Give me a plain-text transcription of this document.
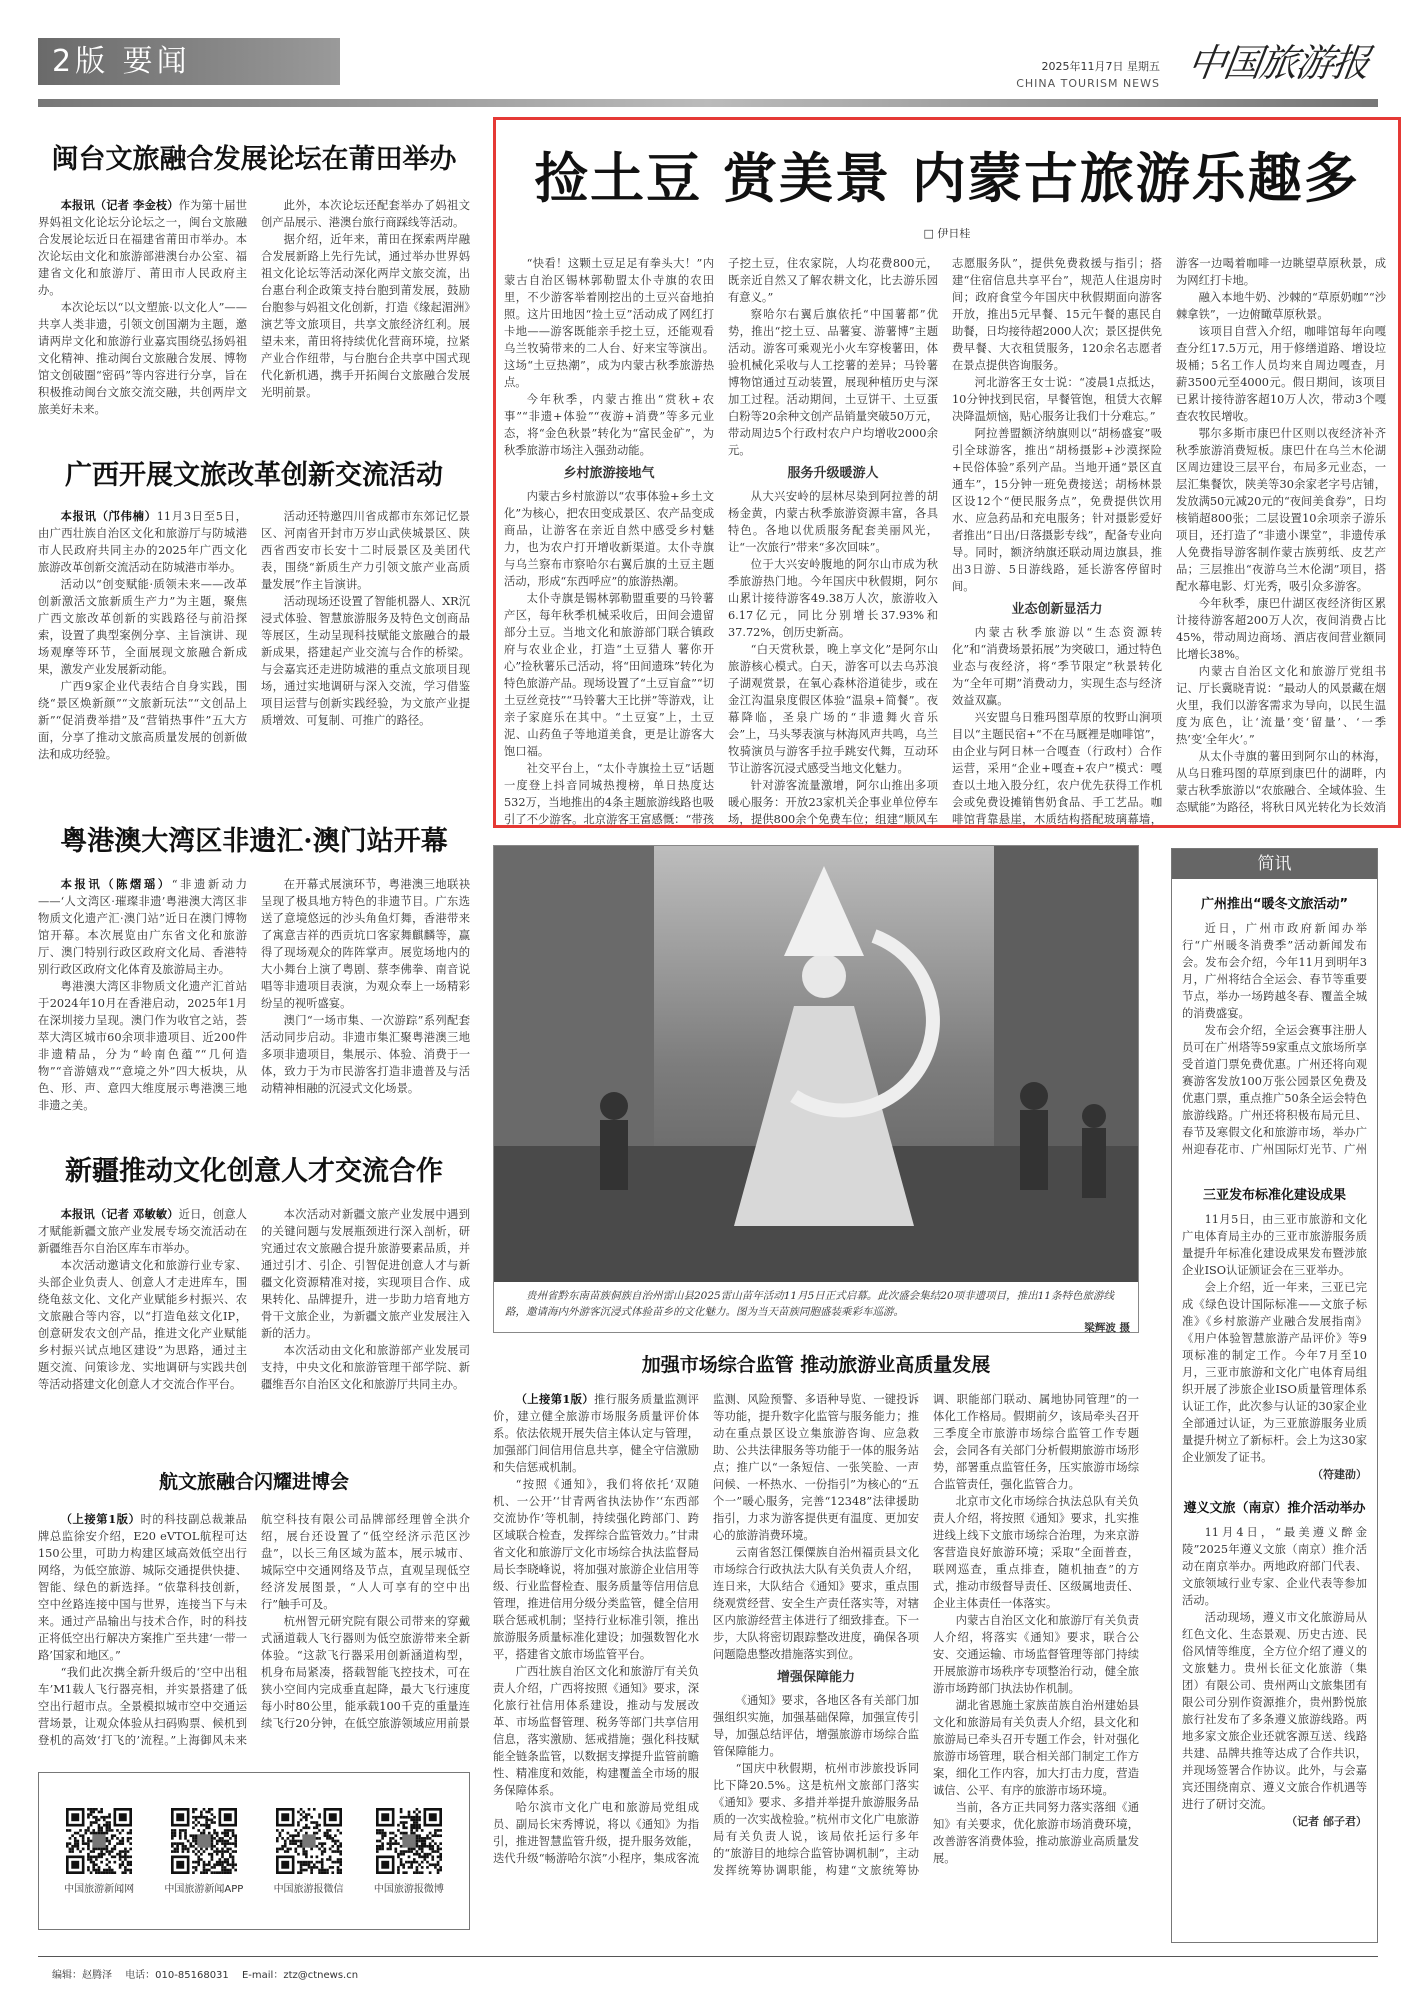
2版 要闻	中国旅游报
2025年11月7日 星期五
CHINA TOURISM NEWS
闽台文旅融合发展论坛在莆田举办

本报讯（记者 李金枝）作为第十届世界妈祖文化论坛分论坛之一，闽台文旅融合发展论坛近日在福建省莆田市举办。本次论坛由文化和旅游部港澳台办公室、福建省文化和旅游厅、莆田市人民政府主办。

本次论坛以“以文塑旅·以文化人”——共享人类非遗，引领文创国潮为主题，邀请两岸文化和旅游行业嘉宾围绕弘扬妈祖文化精神、推动闽台文旅融合发展、博物馆文创破圈“密码”等内容进行分享，旨在积极推动闽台文旅交流交融，共创两岸文旅美好未来。

此外，本次论坛还配套举办了妈祖文创产品展示、港澳台旅行商踩线等活动。

据介绍，近年来，莆田在探索两岸融合发展新路上先行先试，通过举办世界妈祖文化论坛等活动深化两岸文旅交流，出台惠台利企政策支持台胞到莆发展，鼓励台胞参与妈祖文化创新，打造《缘起湄洲》演艺等文旅项目，共享文旅经济红利。展望未来，莆田将持续优化营商环境，拉紧产业合作纽带，与台胞台企共享中国式现代化新机遇，携手开拓闽台文旅融合发展光明前景。

广西开展文旅改革创新交流活动

本报讯（邝伟楠）11月3日至5日，由广西壮族自治区文化和旅游厅与防城港市人民政府共同主办的2025年广西文化旅游改革创新交流活动在防城港市举办。

活动以“创变赋能·质领未来——改革创新激活文旅新质生产力”为主题，聚焦广西文旅改革创新的实践路径与前沿探索，设置了典型案例分享、主旨演讲、现场观摩等环节，全面展现文旅融合新成果，激发产业发展新动能。

广西9家企业代表结合自身实践，围绕“景区焕新颜”“文旅新玩法”“文创品上新”“促消费举措”及“营销热事件”五大方面，分享了推动文旅高质量发展的创新做法和成功经验。

活动还特邀四川省成都市东郊记忆景区、河南省开封市万岁山武侠城景区、陕西省西安市长安十二时辰景区及美团代表，围绕“新质生产力引领文旅产业高质量发展”作主旨演讲。

活动现场还设置了智能机器人、XR沉浸式体验、智慧旅游服务及特色文创商品等展区，生动呈现科技赋能文旅融合的最新成果，搭建起产业交流与合作的桥梁。与会嘉宾还走进防城港的重点文旅项目现场，通过实地调研与深入交流，学习借鉴项目运营与创新实践经验，为文旅产业提质增效、可复制、可推广的路径。

粤港澳大湾区非遗汇·澳门站开幕

本报讯（陈熠瑶）“非遗新动力——‘人文湾区·璀璨非遗’粤港澳大湾区非物质文化遗产汇·澳门站”近日在澳门博物馆开幕。本次展览由广东省文化和旅游厅、澳门特别行政区政府文化局、香港特别行政区政府文化体育及旅游局主办。

粤港澳大湾区非物质文化遗产汇首站于2024年10月在香港启动，2025年1月在深圳接力呈现。澳门作为收官之站，荟萃大湾区城市60余项非遗项目、近200件非遗精品，分为“岭南色蕴”“几何造物”“音游嬉戏”“意境之外”四大板块，从色、形、声、意四大维度展示粤港澳三地非遗之美。

在开幕式展演环节，粤港澳三地联袂呈现了极具地方特色的非遗节目。广东选送了意境悠远的沙头角鱼灯舞，香港带来了寓意吉祥的西贡坑口客家舞麒麟等，赢得了现场观众的阵阵掌声。展览场地内的大小舞台上演了粤剧、蔡李佛拳、南音说唱等非遗项目表演，为观众奉上一场精彩纷呈的视听盛宴。

澳门“一场市集、一次游踪”系列配套活动同步启动。非遗市集汇聚粤港澳三地多项非遗项目，集展示、体验、消费于一体，致力于为市民游客打造非遗普及与活动精神相融的沉浸式文化场景。

新疆推动文化创意人才交流合作

本报讯（记者 邓敏敏）近日，创意人才赋能新疆文旅产业发展专场交流活动在新疆维吾尔自治区库车市举办。

本次活动邀请文化和旅游行业专家、头部企业负责人、创意人才走进库车，围绕龟兹文化、文化产业赋能乡村振兴、农文旅融合等内容，以“打造龟兹文化IP，创意研发农文创产品，推进文化产业赋能乡村振兴试点地区建设”为思路，通过主题交流、问策诊龙、实地调研与实践共创等活动搭建文化创意人才交流合作平台。

本次活动对新疆文旅产业发展中遇到的关键问题与发展瓶颈进行深入剖析，研究通过农文旅融合提升旅游要素品质，并通过引才、引企、引智促进创意人才与新疆文化资源精准对接，实现项目合作、成果转化、品牌提升，进一步助力培育地方骨干文旅企业，为新疆文旅产业发展注入新的活力。

本次活动由文化和旅游部产业发展司支持，中央文化和旅游管理干部学院、新疆维吾尔自治区文化和旅游厅共同主办。

航文旅融合闪耀进博会

（上接第1版）时的科技副总裁兼品牌总监徐安介绍，E20 eVTOL航程可达150公里，可助力构建区域高效低空出行网络，为低空旅游、城际交通提供快捷、智能、绿色的新选择。“依靠科技创新，空中丝路连接中国与世界，连接当下与未来。通过产品输出与技术合作，时的科技正将低空出行解决方案推广至共建‘一带一路’国家和地区。”

“我们此次携全新升级后的‘空中出租车’M1载人飞行器亮相，并实景搭建了低空出行超市点。全景模拟城市空中交通运营场景，让观众体验从扫码购票、候机到登机的高效‘打飞的’流程。”上海御风未来航空科技有限公司品牌部经理曾全洪介绍，展台还设置了“低空经济示范区沙盘”，以长三角区域为蓝本，展示城市、城际空中交通网络及节点，直观呈现低空经济发展图景，“人人可享有的空中出行”触手可及。

杭州智元研究院有限公司带来的穿戴式涵道载人飞行器则为低空旅游带来全新体验。“这款飞行器采用创新涵道构型，机身布局紧凑，搭载智能飞控技术，可在狭小空间内完成垂直起降，最大飞行速度每小时80公里，能承载100千克的重量连续飞行20分钟，在低空旅游领域应用前景

捡土豆 赏美景 内蒙古旅游乐趣多
□ 伊日桂

“快看！这颗土豆足足有拳头大！”内蒙古自治区锡林郭勒盟太仆寺旗的农田里，不少游客举着刚挖出的土豆兴奋地拍照。这片田地因“捡土豆”活动成了网红打卡地——游客既能亲手挖土豆，还能观看乌兰牧骑带来的二人台、好来宝等演出。这场“土豆热潮”，成为内蒙古秋季旅游热点。

今年秋季，内蒙古推出“赏秋+农事”“非遗+体验”“夜游+消费”等多元业态，将“金色秋景”转化为“富民金矿”，为秋季旅游市场注入强劲动能。

乡村旅游接地气

内蒙古乡村旅游以“农事体验+乡土文化”为核心，把农田变成景区、农产品变成商品，让游客在亲近自然中感受乡村魅力，也为农户打开增收新渠道。太仆寺旗与乌兰察布市察哈尔右翼后旗的土豆主题活动，形成“东西呼应”的旅游热潮。

太仆寺旗是锡林郭勒盟重要的马铃薯产区，每年秋季机械采收后，田间会遗留部分土豆。当地文化和旅游部门联合镇政府与农业企业，打造“土豆猎人 薯你开心”捡秋薯乐己活动，将“田间遗珠”转化为特色旅游产品。现场设置了“土豆盲盒”“切土豆丝竞技”“马铃薯大王比拼”等游戏，让亲子家庭乐在其中。“土豆宴”上，土豆泥、山药鱼子等地道美食，更是让游客大饱口福。

社交平台上，“太仆寺旗捡土豆”话题一度登上抖音同城热搜榜，单日热度达532万，当地推出的4条主题旅游线路也吸引了不少游客。北京游客王富感慨：“带孩子挖土豆，住农家院，人均花费800元，既亲近自然又了解农耕文化，比去游乐园有意义。”

察哈尔右翼后旗依托“中国薯都”优势，推出“挖土豆、品薯宴、游薯博”主题活动。游客可乘观光小火车穿梭薯田，体验机械化采收与人工挖薯的差异；马铃薯博物馆通过互动装置，展现种植历史与深加工过程。活动期间，土豆饼干、土豆蛋白粉等20余种文创产品销量突破50万元，带动周边5个行政村农户户均增收2000余元。

服务升级暖游人

从大兴安岭的层林尽染到阿拉善的胡杨金黄，内蒙古秋季旅游资源丰富，各具特色。各地以优质服务配套美丽风光，让“一次旅行”带来“多次回味”。

位于大兴安岭腹地的阿尔山市成为秋季旅游热门地。今年国庆中秋假期，阿尔山累计接待游客49.38万人次，旅游收入6.17亿元，同比分别增长37.93%和37.72%，创历史新高。

“白天赏秋景，晚上享文化”是阿尔山旅游核心模式。白天，游客可以去乌苏浪子湖观赏景，在氧心森林浴道徒步，或在金江沟温泉度假区体验“温泉+简餐”。夜幕降临，圣泉广场的“非遗舞火音乐会”上，马头琴表演与林海风声共鸣，乌兰牧骑演员与游客手拉手跳安代舞，互动环节让游客沉浸式感受当地文化魅力。

针对游客流量激增，阿尔山推出多项暖心服务：开放23家机关企事业单位停车场，提供800余个免费车位；组建“顺风车志愿服务队”，提供免费救援与指引；搭建“住宿信息共享平台”，规范人住退房时间；政府食堂今年国庆中秋假期面向游客开放，推出5元早餐、15元午餐的惠民自助餐，日均接待超2000人次；景区提供免费早餐、大衣租赁服务，120余名志愿者在景点提供咨询服务。

河北游客王女士说：“凌晨1点抵达，10分钟找到民宿，早餐管饱，租赁大衣解决降温烦恼，贴心服务让我们十分难忘。”

阿拉善盟额济纳旗则以“胡杨盛宴”吸引全球游客，推出“胡杨摄影+沙漠探险+民俗体验”系列产品。当地开通“景区直通车”，15分钟一班免费接送；胡杨林景区设12个“便民服务点”，免费提供饮用水、应急药品和充电服务；针对摄影爱好者推出“日出/日落摄影专线”，配备专业向导。同时，额济纳旗还联动周边旗县，推出3日游、5日游线路，延长游客停留时间。

业态创新显活力

内蒙古秋季旅游以“生态资源转化”和“消费场景拓展”为突破口，通过特色业态与夜经济，将“季节限定”秋景转化为“全年可期”消费动力，实现生态与经济效益双赢。

兴安盟乌日雅玛图草原的牧野山涧项目以“主题民宿+“不在马厩裡是咖啡馆”，由企业与阿日林一合嘎查（行政村）合作运营，采用“企业+嘎查+农户”模式：嘎查以土地入股分红，农户优先获得工作机会或免费设摊销售奶食品、手工艺品。咖啡馆背靠悬崖，木质结构搭配玻璃幕墙，游客一边喝着咖啡一边眺望草原秋景，成为网红打卡地。

融入本地牛奶、沙棘的“草原奶咖”“沙棘拿铁”，一边俯瞰草原秋景。

该项目自营入介绍，咖啡馆每年向嘎查分红17.5万元，用于修缮道路、增设垃圾桶；5名工作人员均来自周边嘎查，月薪3500元至4000元。假日期间，该项目已累计接待游客超10万人次，带动3个嘎查农牧民增收。

鄂尔多斯市康巴什区则以夜经济补齐秋季旅游消费短板。康巴什在乌兰木伦湖区周边建设三层平台，布局多元业态，一层汇集餐饮，陕美等30余家老字号店铺，发放满50元减20元的“夜间美食券”，日均核销超800张；二层设置10余项亲子游乐项目，还打造了“非遗小课堂”，非遗传承人免费指导游客制作蒙古族剪纸、皮艺产品；三层推出“夜游乌兰木伦湖”项目，搭配水幕电影、灯光秀，吸引众多游客。

今年秋季，康巴什湖区夜经济街区累计接待游客超200万人次，夜间消费占比45%，带动周边商场、酒店夜间营业额同比增长38%。

内蒙古自治区文化和旅游厅党组书记、厅长冀晓青说：“最动人的风景藏在烟火里，我们以游客需求为导向，以民生温度为底色，让‘流量’变‘留量’、‘一季热’变‘全年火’。”

从太仆寺旗的薯田到阿尔山的林海，从乌日雅玛图的草原到康巴什的湖畔，内蒙古秋季旅游以“农旅融合、全域体验、生态赋能”为路径，将秋日风光转化为长效消

贵州省黔东南苗族侗族自治州雷山县2025雷山苗年活动11月5日正式启幕。此次盛会集结20项非遗项目，推出11条特色旅游线路，邀请海内外游客沉浸式体验苗乡的文化魅力。图为当天苗族同胞盛装乘彩车巡游。
梁辉波 摄
加强市场综合监管 推动旅游业高质量发展

（上接第1版）推行服务质量监测评价，建立健全旅游市场服务质量评价体系。依法依规开展失信主体认定与管理，加强部门间信用信息共享，健全守信激励和失信惩戒机制。

“按照《通知》，我们将依托‘双随机、一公开’‘甘青两省执法协作’‘东西部交流协作’等机制，持续强化跨部门、跨区域联合检查，发挥综合监管效力。”甘肃省文化和旅游厅文化市场综合执法监督局局长李晓峰说，将加强对旅游企业信用等级、行业监督检查、服务质量等信用信息管理，推进信用分级分类监管，健全信用联合惩戒机制；坚持行业标准引领，推出旅游服务质量标准化建设；加强数智化水平，搭建省文旅市场监管平台。

广西壮族自治区文化和旅游厅有关负责人介绍，广西将按照《通知》要求，深化旅行社信用体系建设，推动与发展改革、市场监督管理、税务等部门共享信用信息，落实激励、惩戒措施；强化科技赋能全链条监管，以数据支撑提升监管前瞻性、精准度和效能，构建覆盖全市场的服务保障体系。

哈尔滨市文化广电和旅游局党组成员、副局长宋秀博说，将以《通知》为指引，推进智慧监管升级，提升服务效能，迭代升级“畅游哈尔滨”小程序，集成客流监测、风险预警、多语种导览、一键投诉等功能，提升数字化监管与服务能力；推动在重点景区设立集旅游咨询、应急救助、公共法律服务等功能于一体的服务站点；推广以“一条短信、一张笑脸、一声问候、一杯热水、一份指引”为核心的“五个一”暖心服务，完善“12348”法律援助指引，力求为游客提供更有温度、更加安心的旅游消费环境。

云南省怒江傈僳族自治州福贡县文化市场综合行政执法大队有关负责人介绍，连日来，大队结合《通知》要求，重点围绕观赏经营、安全生产责任落实等，对辖区内旅游经营主体进行了细致排查。下一步，大队将密切跟踪整改进度，确保各项问题隐患整改措施落实到位。

增强保障能力

《通知》要求，各地区各有关部门加强组织实施，加强基础保障，加强宣传引导，加强总结评估，增强旅游市场综合监管保障能力。

“国庆中秋假期，杭州市涉旅投诉同比下降20.5%。这是杭州文旅部门落实《通知》要求、多措并举提升旅游服务品质的一次实战检验。”杭州市文化广电旅游局有关负责人说，该局依托运行多年的“旅游目的地综合监管协调机制”，主动发挥统筹协调职能，构建“文旅统筹协调、职能部门联动、属地协同管理”的一体化工作格局。假期前夕，该局牵头召开三季度全市旅游市场综合监管工作专题会，会同各有关部门分析假期旅游市场形势，部署重点监管任务，压实旅游市场综合监管责任，强化监管合力。

北京市文化市场综合执法总队有关负责人介绍，将按照《通知》要求，扎实推进线上线下文旅市场综合治理，为来京游客营造良好旅游环境；采取“全面普查，联网巡查，重点排查，随机抽查”的方式，推动市级督导责任、区级属地责任、企业主体责任一体落实。

内蒙古自治区文化和旅游厅有关负责人介绍，将落实《通知》要求，联合公安、交通运输、市场监督管理等部门持续开展旅游市场秩序专项整治行动，健全旅游市场跨部门执法协作机制。

湖北省恩施土家族苗族自治州建始县文化和旅游局有关负责人介绍，县文化和旅游局已牵头召开专题工作会，针对强化旅游市场管理，联合相关部门制定工作方案，细化工作内容，加大打击力度，营造诚信、公平、有序的旅游市场环境。

当前，各方正共同努力落实落细《通知》有关要求，优化旅游市场消费环境，改善游客消费体验，推动旅游业高质量发展。

简讯
广州推出“暖冬文旅活动”

近日，广州市政府新闻办举行“广州暖冬消费季”活动新闻发布会。发布会介绍，今年11月到明年3月，广州将结合全运会、春节等重要节点，举办一场跨越冬春、覆盖全城的消费盛宴。

发布会介绍，全运会赛事注册人员可在广州塔等59家重点文旅场所享受首道门票免费优惠。广州还将向观赛游客发放100万张公园景区免费及优惠门票，重点推广50条全运会特色旅游线路。广州还将积极布局元旦、春节及寒假文化和旅游市场，举办广州迎春花市、广州国际灯光节、广州

三亚发布标准化建设成果

11月5日，由三亚市旅游和文化广电体育局主办的三亚市旅游服务质量提升年标准化建设成果发布暨涉旅企业ISO认证颁证会在三亚举办。

会上介绍，近一年来，三亚已完成《绿色设计国际标准——文旅子标准》《乡村旅游产业融合发展指南》《用户体验智慧旅游产品评价》等9项标准的制定工作。今年7月至10月，三亚市旅游和文化广电体育局组织开展了涉旅企业ISO质量管理体系认证工作，此次参与认证的30家企业全部通过认证，为三亚旅游服务业质量提升树立了新标杆。会上为这30家企业颁发了证书。

（符建劭）
遵义文旅（南京）推介活动举办

11月4日，“最美遵义醉金陵”2025年遵义文旅（南京）推介活动在南京举办。两地政府部门代表、文旅领域行业专家、企业代表等参加活动。

活动现场，遵义市文化旅游局从红色文化、生态景观、历史古迹、民俗风情等维度，全方位介绍了遵义的文旅魅力。贵州长征文化旅游（集团）有限公司、贵州两山文旅集团有限公司分别作资源推介，贵州黔悦旅旅行社发布了多条遵义旅游线路。两地多家文旅企业还就客源互送、线路共建、品牌共推等达成了合作共识，并现场签署合作协议。此外，与会嘉宾还围绕南京、遵义文旅合作机遇等进行了研讨交流。

（记者 邰子君）
中国旅游新闻网	中国旅游新闻APP	中国旅游报微信	中国旅游报微博
编辑：赵腾泽 电话：010-85168031 E-mail：ztz@ctnews.cn
